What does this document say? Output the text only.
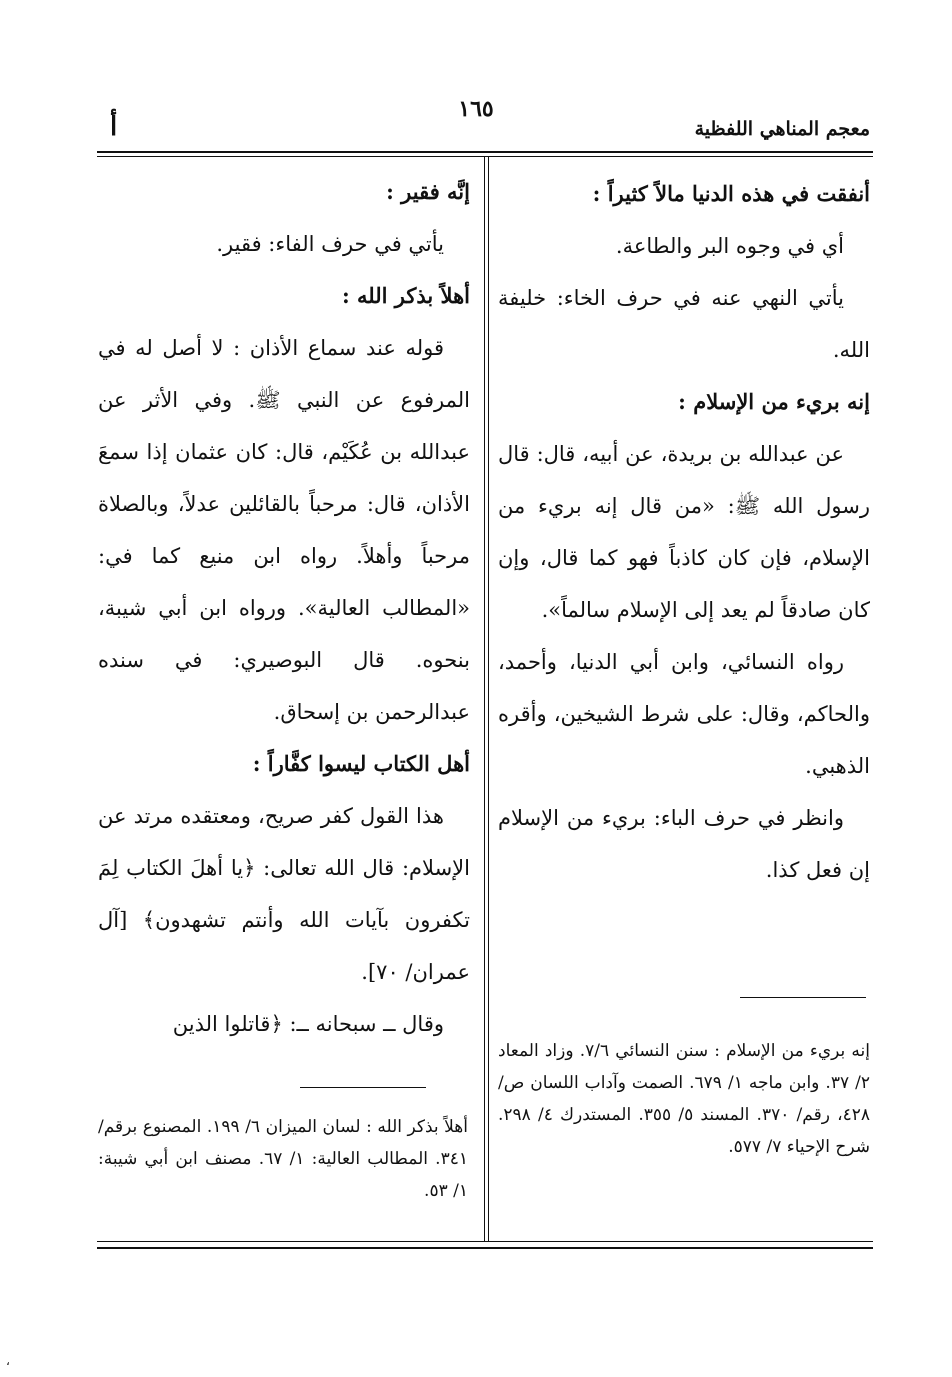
معجم المناهي اللفظية
١٦٥
أ

أنفقت في هذه الدنيا مالاً كثيراً :

أي في وجوه البر والطاعة.

يأتي النهي عنه في حرف الخاء: خليفة الله.

إنه بريء من الإسلام :

عن عبدالله بن بريدة، عن أبيه، قال: قال رسول الله ﷺ: «من قال إنه بريء من الإسلام، فإن كان كاذباً فهو كما قال، وإن كان صادقاً لم يعد إلى الإسلام سالماً».

رواه النسائي، وابن أبي الدنيا، وأحمد، والحاكم، وقال: على شرط الشيخين، وأقره الذهبي.

وانظر في حرف الباء: بريء من الإسلام إن فعل كذا.

إنه بريء من الإسلام : سنن النسائي ٧/٦. وزاد المعاد ٢/ ٣٧. وابن ماجه ١/ ٦٧٩. الصمت وآداب اللسان ص/٤٢٨، رقم/ ٣٧٠. المسند ٥/ ٣٥٥. المستدرك ٤/ ٢٩٨. شرح الإحياء ٧/ ٥٧٧.

إنَّه فقير :

يأتي في حرف الفاء: فقير.

أهلاً بذكر الله :

قوله عند سماع الأذان : لا أصل له في المرفوع عن النبي ﷺ. وفي الأثر عن عبدالله بن عُكَيْم، قال: كان عثمان إذا سمعَ الأذان، قال: مرحباً بالقائلين عدلاً، وبالصلاة مرحباً وأهلاً. رواه ابن منيع كما في: «المطالب العالية». ورواه ابن أبي شيبة، بنحوه. قال البوصيري: في سنده عبدالرحمن بن إسحاق.

أهل الكتاب ليسوا كفَّاراً :

هذا القول كفر صريح، ومعتقده مرتد عن الإسلام: قال الله تعالى: ﴿يا أهلَ الكتاب لِمَ تكفرون بآيات الله وأنتم تشهدون﴾ [آل عمران/ ٧٠].

وقال ــ سبحانه ــ: ﴿قاتلوا الذين

أهلاً بذكر الله : لسان الميزان ٦/ ١٩٩. المصنوع برقم/ ٣٤١. المطالب العالية: ١/ ٦٧. مصنف ابن أبي شيبة: ١/ ٥٣.

،
